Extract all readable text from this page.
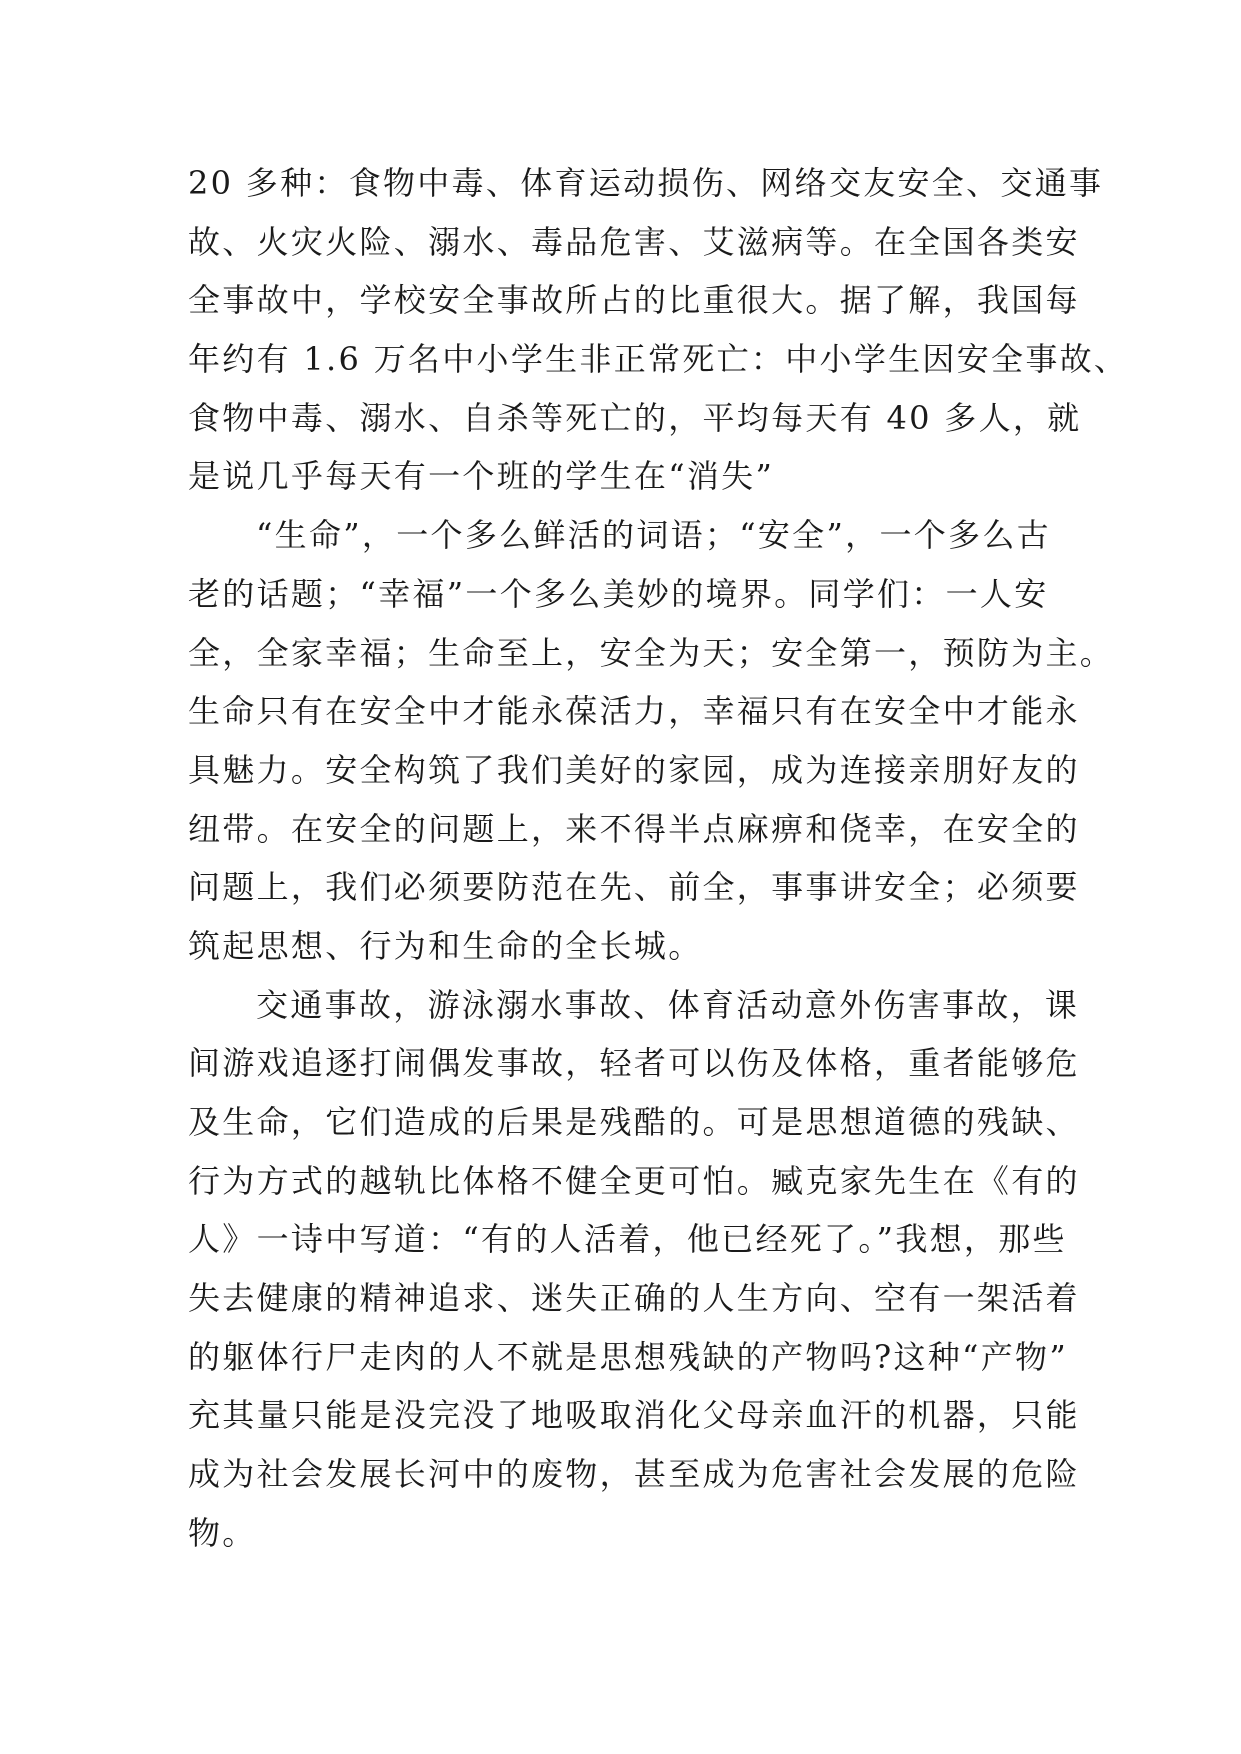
20 多种：食物中毒、体育运动损伤、网络交友安全、交通事
故、火灾火险、溺水、毒品危害、艾滋病等。在全国各类安
全事故中，学校安全事故所占的比重很大。据了解，我国每
年约有 1.6 万名中小学生非正常死亡：中小学生因安全事故、
食物中毒、溺水、自杀等死亡的，平均每天有 40 多人，就
是说几乎每天有一个班的学生在“消失”
“生命”，一个多么鲜活的词语；“安全”，一个多么古
老的话题；“幸福”一个多么美妙的境界。同学们：一人安
全，全家幸福；生命至上，安全为天；安全第一，预防为主。
生命只有在安全中才能永葆活力，幸福只有在安全中才能永
具魅力。安全构筑了我们美好的家园，成为连接亲朋好友的
纽带。在安全的问题上，来不得半点麻痹和侥幸，在安全的
问题上，我们必须要防范在先、前全，事事讲安全；必须要
筑起思想、行为和生命的全长城。
交通事故，游泳溺水事故、体育活动意外伤害事故，课
间游戏追逐打闹偶发事故，轻者可以伤及体格，重者能够危
及生命，它们造成的后果是残酷的。可是思想道德的残缺、
行为方式的越轨比体格不健全更可怕。臧克家先生在《有的
人》一诗中写道：“有的人活着，他已经死了。”我想，那些
失去健康的精神追求、迷失正确的人生方向、空有一架活着
的躯体行尸走肉的人不就是思想残缺的产物吗?这种“产物”
充其量只能是没完没了地吸取消化父母亲血汗的机器，只能
成为社会发展长河中的废物，甚至成为危害社会发展的危险
物。
